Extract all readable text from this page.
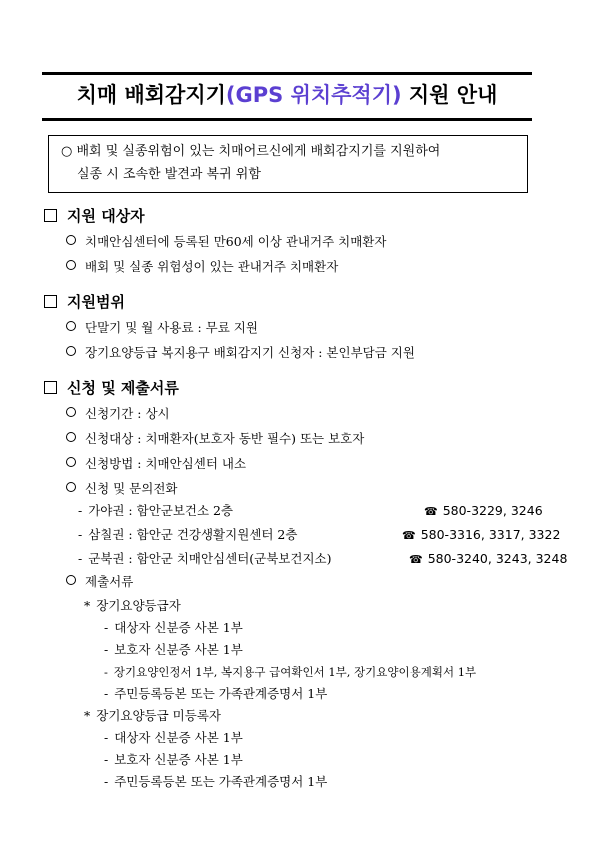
치매 배회감지기(GPS 위치추적기) 지원 안내
○ 배회 및 실종위험이 있는 치매어르신에게 배회감지기를 지원하여
실종 시 조속한 발견과 복귀 위함
지원 대상자
치매안심센터에 등록된 만60세 이상 관내거주 치매환자
배회 및 실종 위험성이 있는 관내거주 치매환자
지원범위
단말기 및 월 사용료 : 무료 지원
장기요양등급 복지용구 배회감지기 신청자 : 본인부담금 지원
신청 및 제출서류
신청기간 : 상시
신청대상 : 치매환자(보호자 동반 필수) 또는 보호자
신청방법 : 치매안심센터 내소
신청 및 문의전화
- 가야권 : 함안군보건소 2층	☎ 580-3229, 3246
- 삼칠권 : 함안군 건강생활지원센터 2층	☎ 580-3316, 3317, 3322
- 군북권 : 함안군 치매안심센터(군북보건지소)	☎ 580-3240, 3243, 3248
제출서류
* 장기요양등급자
- 대상자 신분증 사본 1부
- 보호자 신분증 사본 1부
- 장기요양인정서 1부, 복지용구 급여확인서 1부, 장기요양이용계획서 1부
- 주민등록등본 또는 가족관계증명서 1부
* 장기요양등급 미등록자
- 대상자 신분증 사본 1부
- 보호자 신분증 사본 1부
- 주민등록등본 또는 가족관계증명서 1부
